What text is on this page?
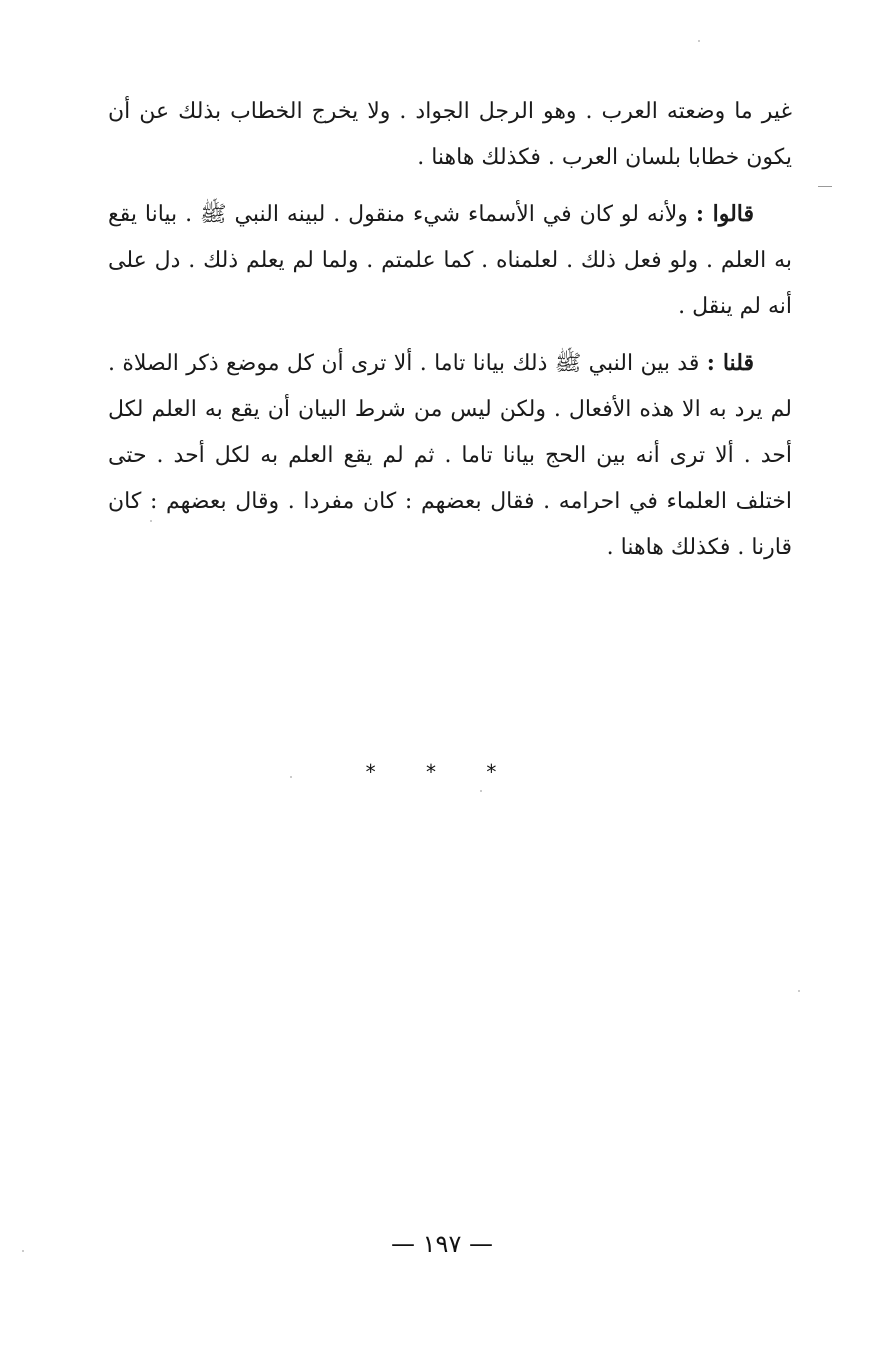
غير ما وضعته العرب . وهو الرجل الجواد . ولا يخرج الخطاب بذلك عن أن يكون خطابا بلسان العرب . فكذلك هاهنا .

قالوا : ولأنه لو كان في الأسماء شيء منقول . لبينه النبي ﷺ . بيانا يقع به العلم . ولو فعل ذلك . لعلمناه . كما علمتم . ولما لم يعلم ذلك . دل على أنه لم ينقل .

قلنا : قد بين النبي ﷺ ذلك بيانا تاما . ألا ترى أن كل موضع ذكر الصلاة . لم يرد به الا هذه الأفعال . ولكن ليس من شرط البيان أن يقع به العلم لكل أحد . ألا ترى أنه بين الحج بيانا تاما . ثم لم يقع العلم به لكل أحد . حتى اختلف العلماء في احرامه . فقال بعضهم : كان مفردا . وقال بعضهم : كان قارنا . فكذلك هاهنا .

* * *
— ١٩٧ —
